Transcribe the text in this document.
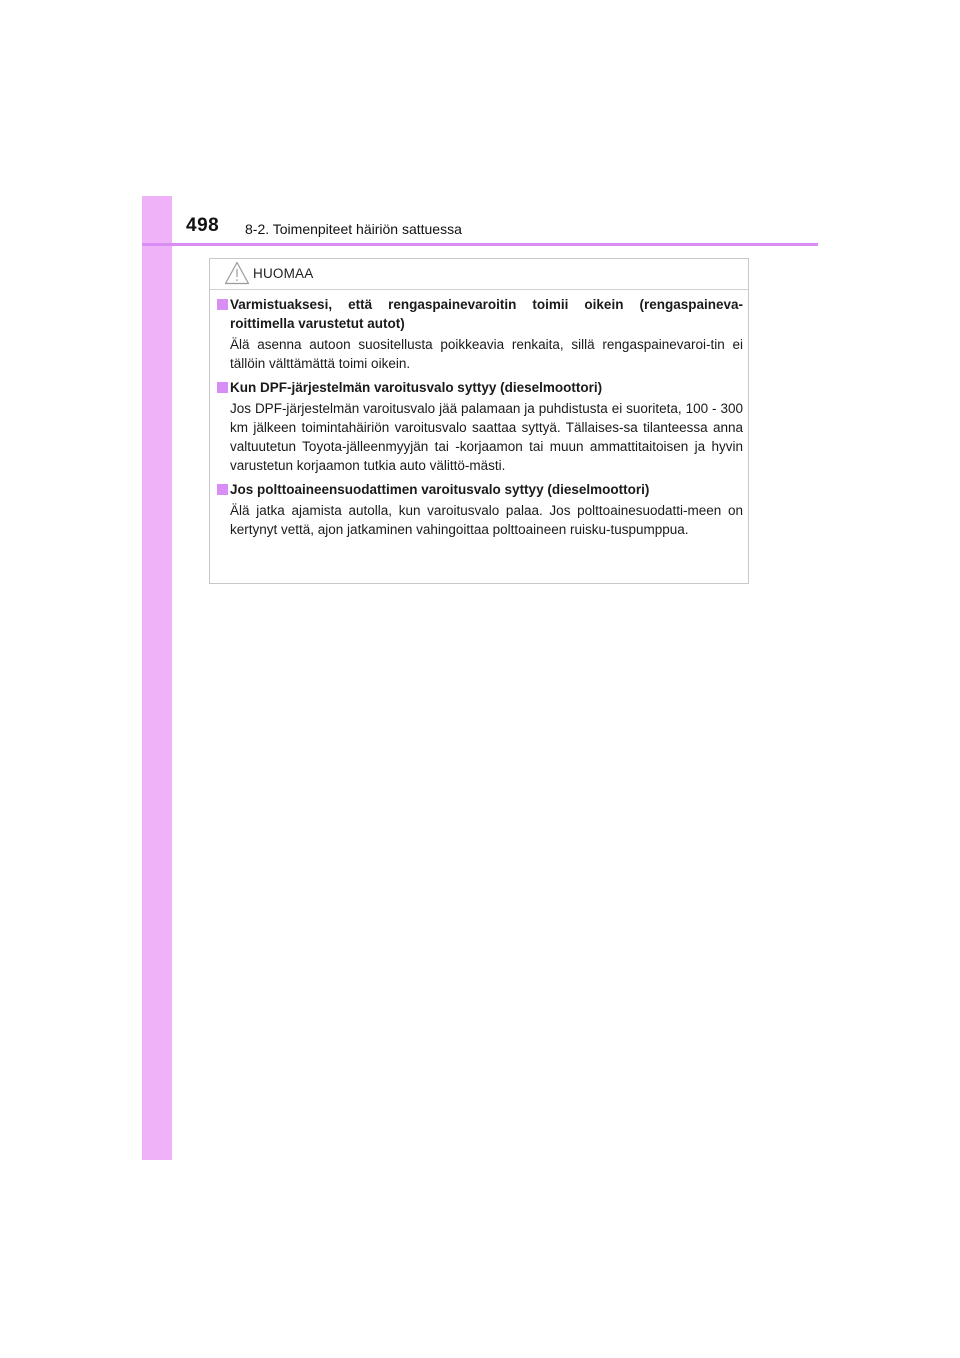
498 8-2. Toimenpiteet häiriön sattuessa
HUOMAA
Varmistuaksesi, että rengaspainevaroitin toimii oikein (rengaspaineva-roittimella varustetut autot)
Älä asenna autoon suositellusta poikkeavia renkaita, sillä rengaspainevaroi-tin ei tällöin välttämättä toimi oikein.
Kun DPF-järjestelmän varoitusvalo syttyy (dieselmoottori)
Jos DPF-järjestelmän varoitusvalo jää palamaan ja puhdistusta ei suoriteta, 100 - 300 km jälkeen toimintahäiriön varoitusvalo saattaa syttyä. Tällaises-sa tilanteessa anna valtuutetun Toyota-jälleenmyyjän tai -korjaamon tai muun ammattitaitoisen ja hyvin varustetun korjaamon tutkia auto välittö-mästi.
Jos polttoaineensuodattimen varoitusvalo syttyy (dieselmoottori)
Älä jatka ajamista autolla, kun varoitusvalo palaa. Jos polttoainesuodatti-meen on kertynyt vettä, ajon jatkaminen vahingoittaa polttoaineen ruisku-tuspumppua.
